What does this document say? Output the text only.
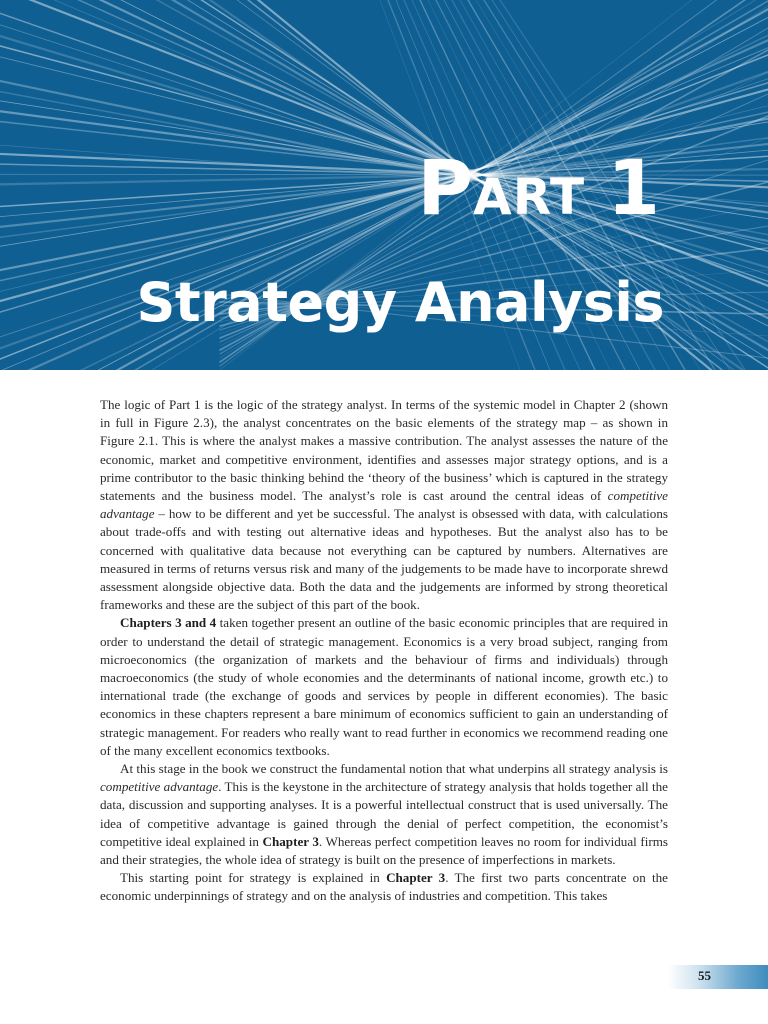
PART 1
Strategy Analysis

The logic of Part 1 is the logic of the strategy analyst. In terms of the systemic model in Chapter 2 (shown in full in Figure 2.3), the analyst concentrates on the basic elements of the strategy map – as shown in Figure 2.1. This is where the analyst makes a massive contribution. The analyst assesses the nature of the economic, market and competitive environment, identifies and assesses major strategy options, and is a prime contributor to the basic thinking behind the ‘theory of the business’ which is captured in the strategy statements and the business model. The analyst’s role is cast around the central ideas of competitive advantage – how to be different and yet be successful. The analyst is obsessed with data, with calculations about trade-offs and with testing out alternative ideas and hypotheses. But the analyst also has to be concerned with qualitative data because not everything can be captured by numbers. Alternatives are measured in terms of returns versus risk and many of the judgements to be made have to incorporate shrewd assessment alongside objective data. Both the data and the judgements are informed by strong theoretical frameworks and these are the subject of this part of the book.

Chapters 3 and 4 taken together present an outline of the basic economic principles that are required in order to understand the detail of strategic management. Economics is a very broad subject, ranging from microeconomics (the organization of markets and the behaviour of firms and individuals) through macroeconomics (the study of whole economies and the determinants of national income, growth etc.) to international trade (the exchange of goods and services by people in different economies). The basic economics in these chapters represent a bare minimum of economics sufficient to gain an understanding of strategic management. For readers who really want to read further in economics we recommend reading one of the many excellent economics textbooks.

At this stage in the book we construct the fundamental notion that what underpins all strategy analysis is competitive advantage. This is the keystone in the architecture of strategy analysis that holds together all the data, discussion and supporting analyses. It is a powerful intellectual construct that is used universally. The idea of competitive advantage is gained through the denial of perfect competition, the economist’s competitive ideal explained in Chapter 3. Whereas perfect competition leaves no room for individual firms and their strategies, the whole idea of strategy is built on the presence of imperfections in markets.

This starting point for strategy is explained in Chapter 3. The first two parts concentrate on the economic underpinnings of strategy and on the analysis of industries and competition. This takes

55
